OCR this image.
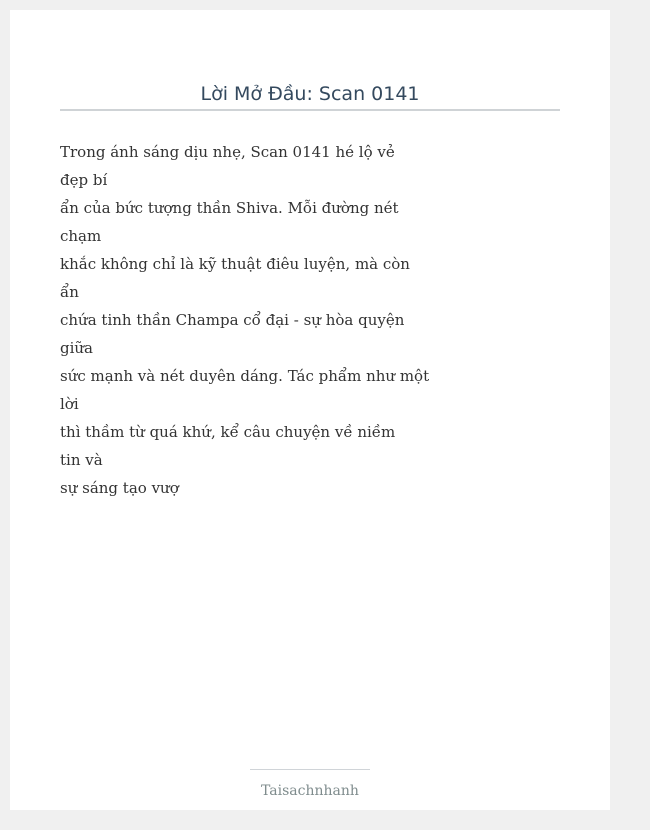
Lời Mở Đầu: Scan 0141
Trong ánh sáng dịu nhẹ, Scan 0141 hé lộ vẻ
đẹp bí
ẩn của bức tượng thần Shiva. Mỗi đường nét
chạm
khắc không chỉ là kỹ thuật điêu luyện, mà còn
ẩn
chứa tinh thần Champa cổ đại - sự hòa quyện
giữa
sức mạnh và nét duyên dáng. Tác phẩm như một
lời
thì thầm từ quá khứ, kể câu chuyện về niềm
tin và
sự sáng tạo vượ
Taisachnhanh
